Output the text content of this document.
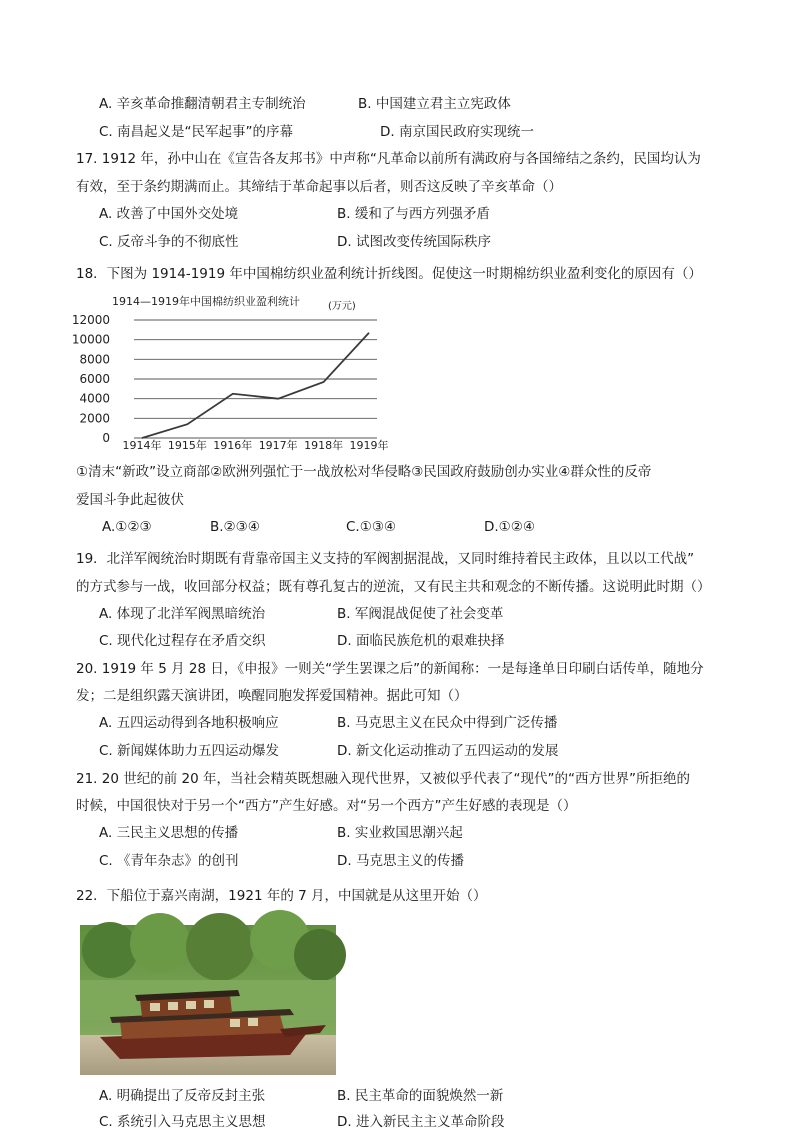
A. 辛亥革命推翻清朝君主专制统治	B. 中国建立君主立宪政体
C. 南昌起义是“民军起事”的序幕	D. 南京国民政府实现统一
17. 1912 年，孙中山在《宣告各友邦书》中声称“凡革命以前所有满政府与各国缔结之条约，民国均认为
有效，至于条约期满而止。其缔结于革命起事以后者，则否这反映了辛亥革命（）
A. 改善了中国外交处境	B. 缓和了与西方列强矛盾
C. 反帝斗争的不彻底性	D. 试图改变传统国际秩序
18．下图为 1914-1919 年中国棉纺织业盈利统计折线图。促使这一时期棉纺织业盈利变化的原因有（）
1914—1919年中国棉纺织业盈利统计	(万元)
12000
10000
8000
6000
4000
2000
0
1914年 1915年 1916年 1917年 1918年 1919年
①清末“新政”设立商部②欧洲列强忙于一战放松对华侵略③民国政府鼓励创办实业④群众性的反帝
爱国斗争此起彼伏
A.①②③	B.②③④	C.①③④	D.①②④
19．北洋军阀统治时期既有背靠帝国主义支持的军阀割据混战，又同时维持着民主政体，且以以工代战”
的方式参与一战，收回部分权益；既有尊孔复古的逆流，又有民主共和观念的不断传播。这说明此时期（）
A. 体现了北洋军阀黑暗统治	B. 军阀混战促使了社会变革
C. 现代化过程存在矛盾交织	D. 面临民族危机的艰难抉择
20. 1919 年 5 月 28 日，《申报》一则关“学生罢课之后”的新闻称：一是每逢单日印刷白话传单，随地分
发；二是组织露天演讲团，唤醒同胞发挥爱国精神。据此可知（）
A. 五四运动得到各地积极响应	B. 马克思主义在民众中得到广泛传播
C. 新闻媒体助力五四运动爆发	D. 新文化运动推动了五四运动的发展
21. 20 世纪的前 20 年，当社会精英既想融入现代世界，又被似乎代表了“现代”的“西方世界”所拒绝的
时候，中国很快对于另一个“西方”产生好感。对“另一个西方”产生好感的表现是（）
A. 三民主义思想的传播	B. 实业救国思潮兴起
C. 《青年杂志》的创刊	D. 马克思主义的传播
22．下船位于嘉兴南湖，1921 年的 7 月，中国就是从这里开始（）
A. 明确提出了反帝反封主张	B. 民主革命的面貌焕然一新
C. 系统引入马克思主义思想	D. 进入新民主主义革命阶段
